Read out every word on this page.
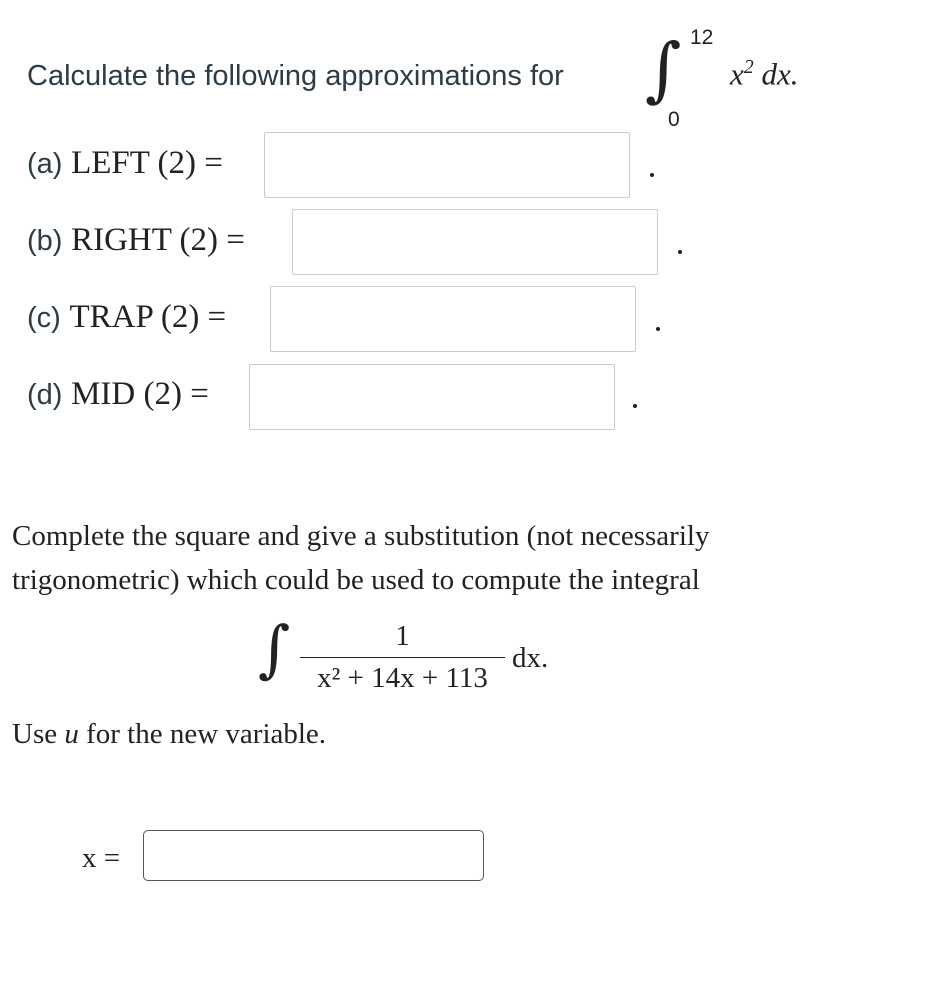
Calculate the following approximations for ∫ 12
0
$x^2$ dx.
(a) LEFT (2) =
(b) RIGHT (2) =
(c) TRAP (2) =
(d) MID (2) =
Complete the square and give a substitution (not necessarily
trigonometric) which could be used to compute the integral
∫	1
x² + 14x + 113
dx.
Use u for the new variable.
x =
